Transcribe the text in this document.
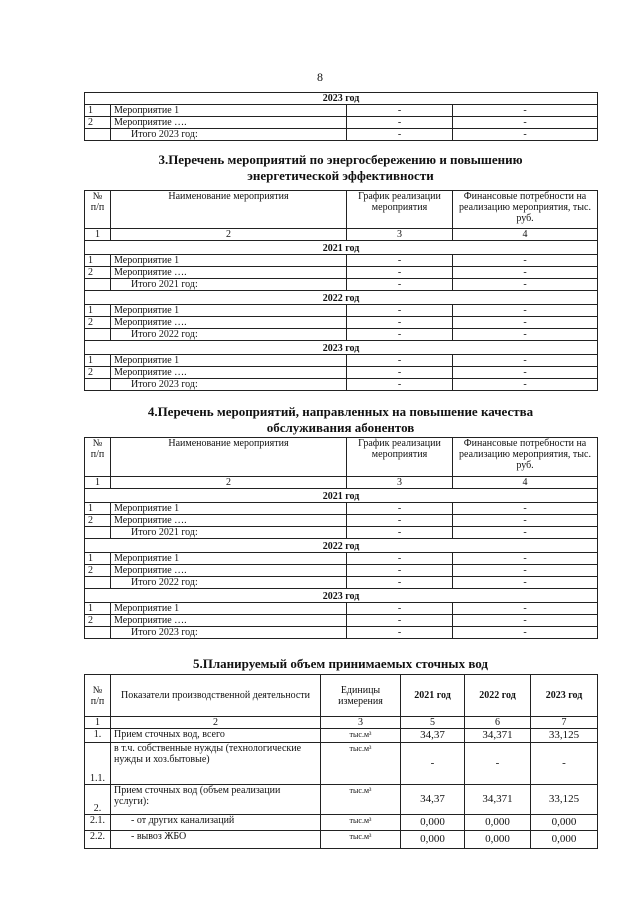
8
2023 год			
1	Мероприятие 1	-	-
2	Мероприятие ….	-	-
	Итого 2023 год:	-	-
3.Перечень мероприятий по энергосбережению и повышению
энергетической эффективности
№ п/п	Наименование мероприятия	График реализации мероприятия	Финансовые потребности на реализацию мероприятия, тыс. руб.
1	2	3	4
2021 год			
1	Мероприятие 1	-	-
2	Мероприятие ….	-	-
	Итого 2021 год:	-	-
2022 год			
1	Мероприятие 1	-	-
2	Мероприятие ….	-	-
	Итого 2022 год:	-	-
2023 год			
1	Мероприятие 1	-	-
2	Мероприятие ….	-	-
	Итого 2023 год:	-	-
4.Перечень мероприятий, направленных на повышение качества
обслуживания абонентов
№ п/п	Наименование мероприятия	График реализации мероприятия	Финансовые потребности на реализацию мероприятия, тыс. руб.
1	2	3	4
2021 год			
1	Мероприятие 1	-	-
2	Мероприятие ….	-	-
	Итого 2021 год:	-	-
2022 год			
1	Мероприятие 1	-	-
2	Мероприятие ….	-	-
	Итого 2022 год:	-	-
2023 год			
1	Мероприятие 1	-	-
2	Мероприятие ….	-	-
	Итого 2023 год:	-	-
5.Планируемый объем принимаемых сточных вод
№ п/п	Показатели производственной деятельности	Единицы измерения	2021 год	2022 год	2023 год
1	2	3	5	6	7
1.	Прием сточных вод, всего	тыс.м³	34,37	34,371	33,125
1.1.	в т.ч. собственные нужды (технологические нужды и хоз.бытовые)	тыс.м³	-	-	-
2.	Прием сточных вод (объем реализации услуги):	тыс.м³	34,37	34,371	33,125
2.1.	- от других канализаций	тыс.м³	0,000	0,000	0,000
2.2.	- вывоз ЖБО	тыс.м³	0,000	0,000	0,000
